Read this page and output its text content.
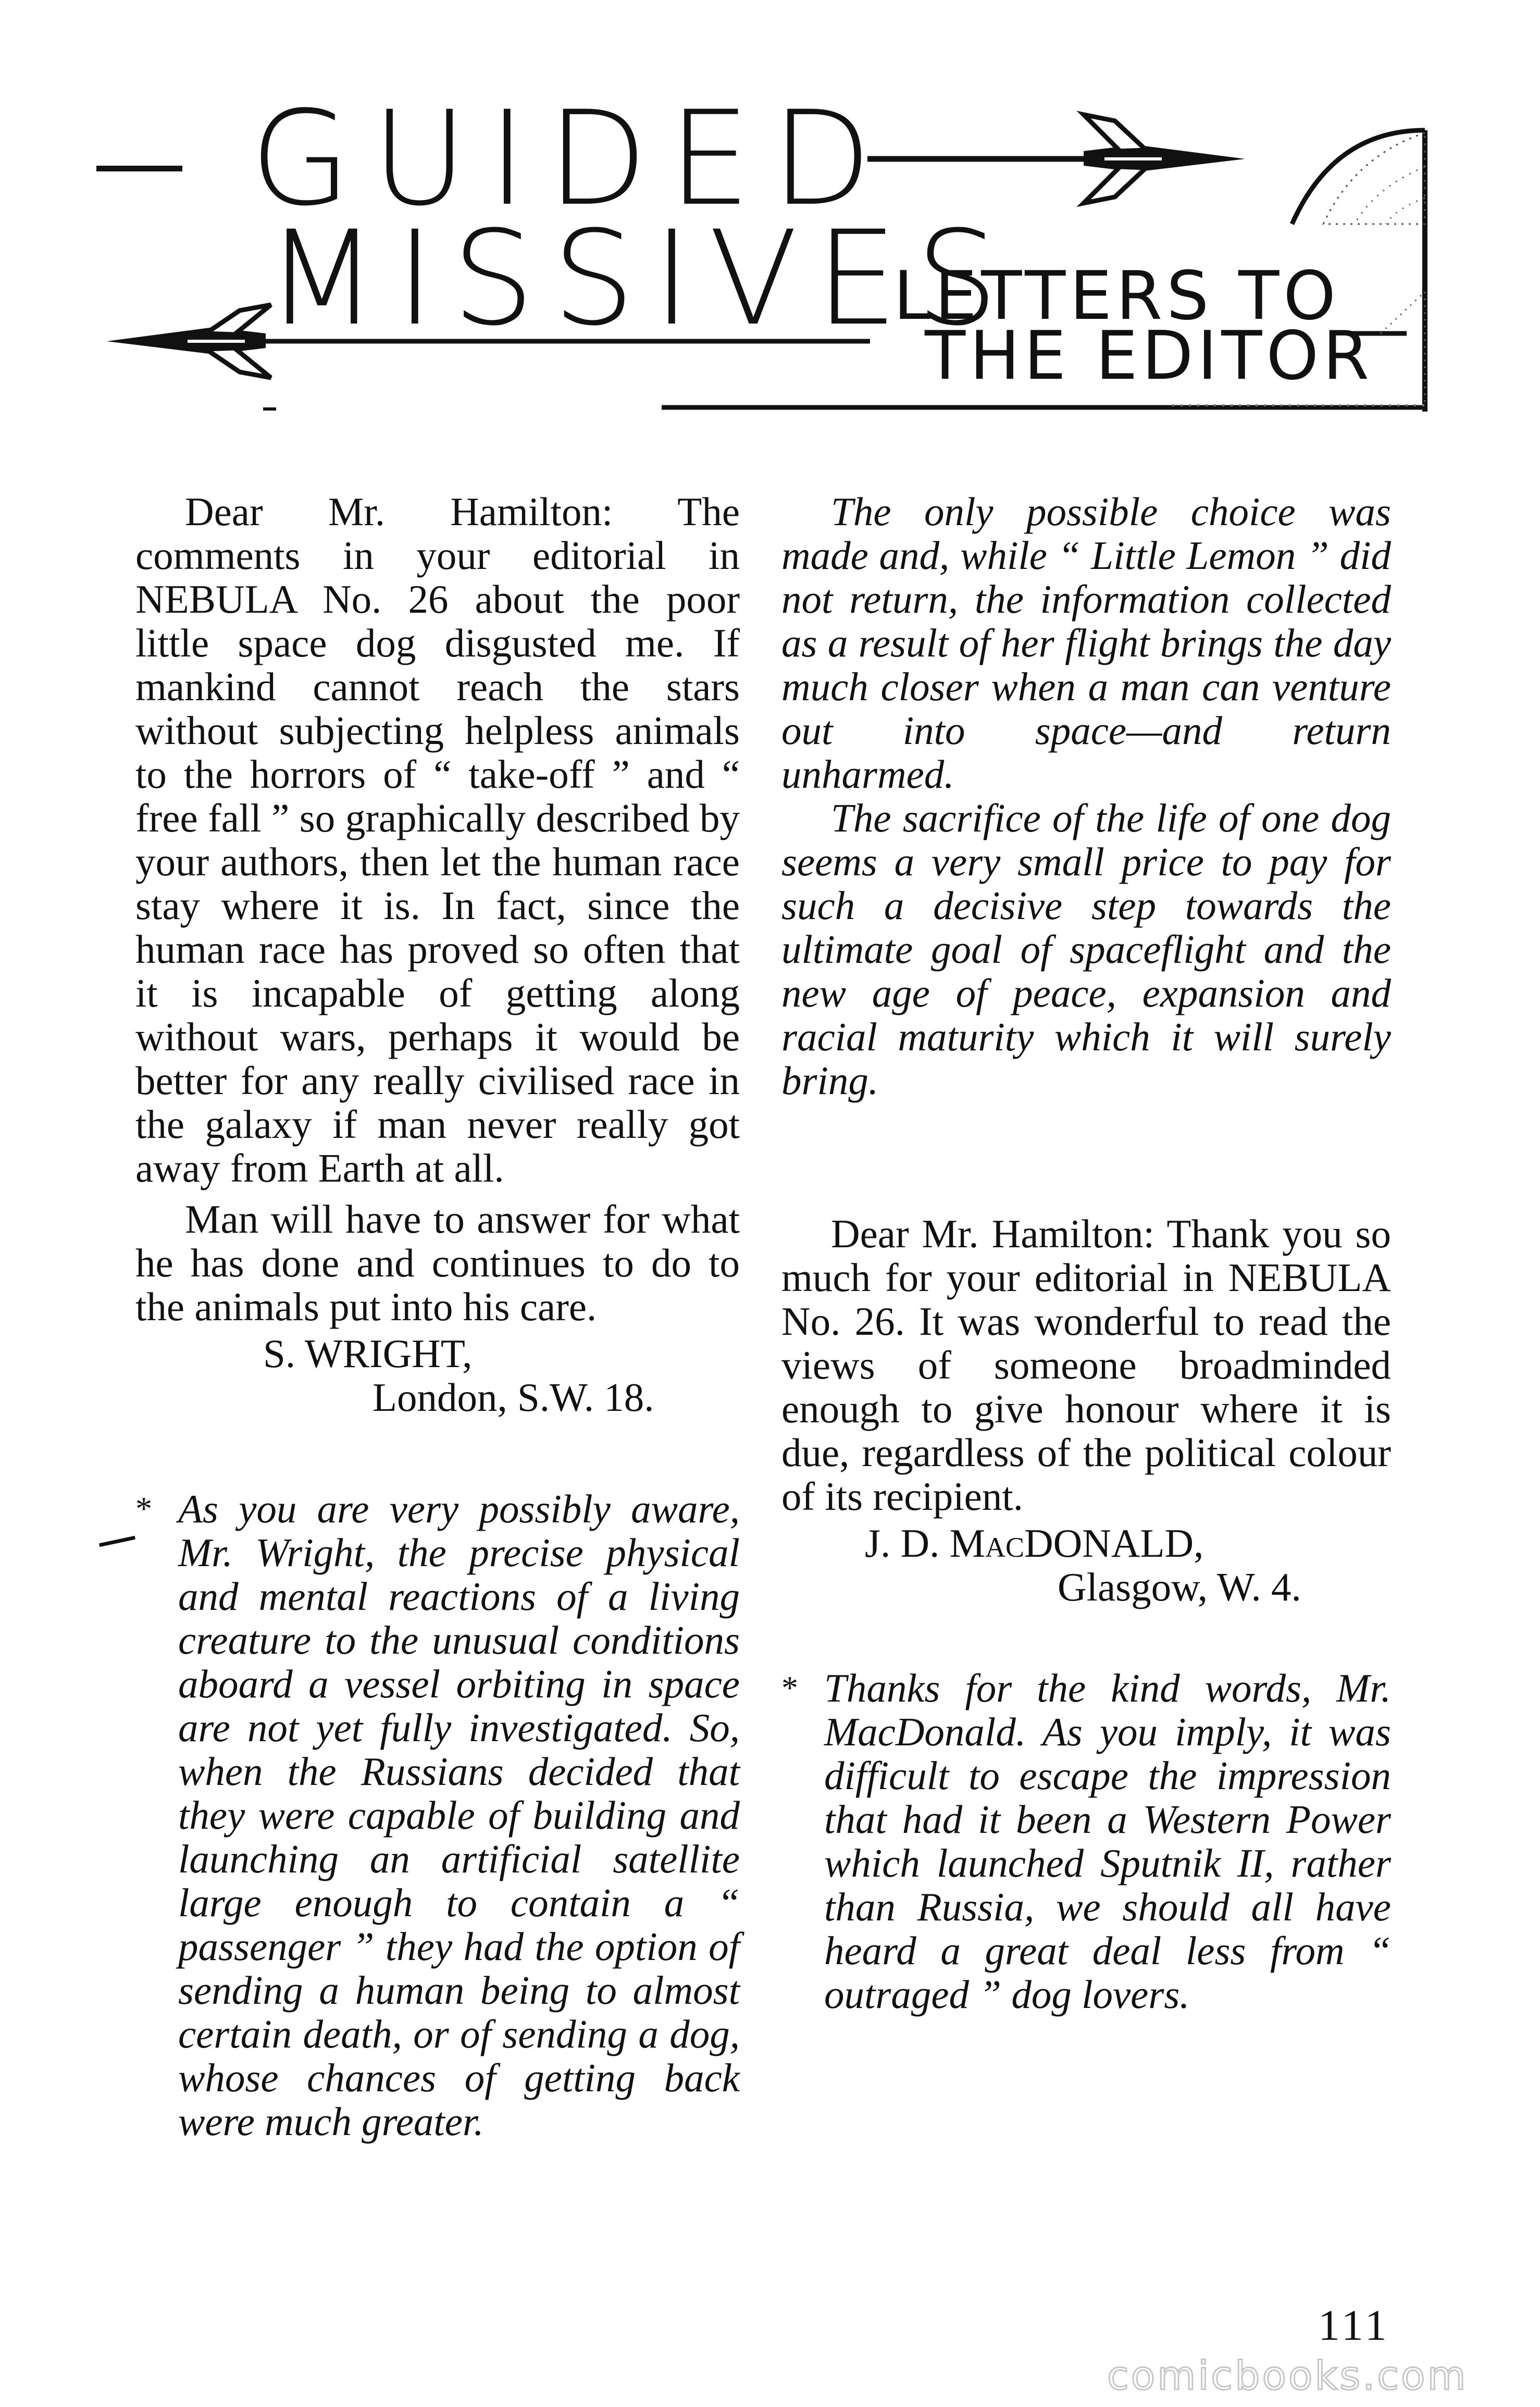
GUIDED
MISSIVES
LETTERS TO
THE EDITOR

Dear Mr. Hamilton: The comments in your editorial in NEBULA No. 26 about the poor little space dog disgusted me. If mankind cannot reach the stars without subjecting helpless animals to the horrors of “ take-off ” and “ free fall ” so graphically described by your authors, then let the human race stay where it is. In fact, since the human race has proved so often that it is incapable of getting along without wars, perhaps it would be better for any really civilised race in the galaxy if man never really got away from Earth at all.

Man will have to answer for what he has done and continues to do to the animals put into his care.

S. WRIGHT,
London, S.W. 18.
* As you are very possibly aware, Mr. Wright, the precise physical and mental reactions of a living creature to the unusual conditions aboard a vessel orbiting in space are not yet fully investigated. So, when the Russians decided that they were capable of building and launching an artificial satellite large enough to contain a “ passenger ” they had the option of sending a human being to almost certain death, or of sending a dog, whose chances of getting back were much greater.

The only possible choice was made and, while “ Little Lemon ” did not return, the information collected as a result of her flight brings the day much closer when a man can venture out into space—and return unharmed.

The sacrifice of the life of one dog seems a very small price to pay for such a decisive step towards the ultimate goal of spaceflight and the new age of peace, expansion and racial maturity which it will surely bring.

Dear Mr. Hamilton: Thank you so much for your editorial in NEBULA No. 26. It was wonderful to read the views of someone broadminded enough to give honour where it is due, regardless of the political colour of its recipient.

J. D. MacDONALD,
Glasgow, W. 4.
* Thanks for the kind words, Mr. MacDonald. As you imply, it was difficult to escape the impression that had it been a Western Power which launched Sputnik II, rather than Russia, we should all have heard a great deal less from “ outraged ” dog lovers.

111
comicbooks.com
